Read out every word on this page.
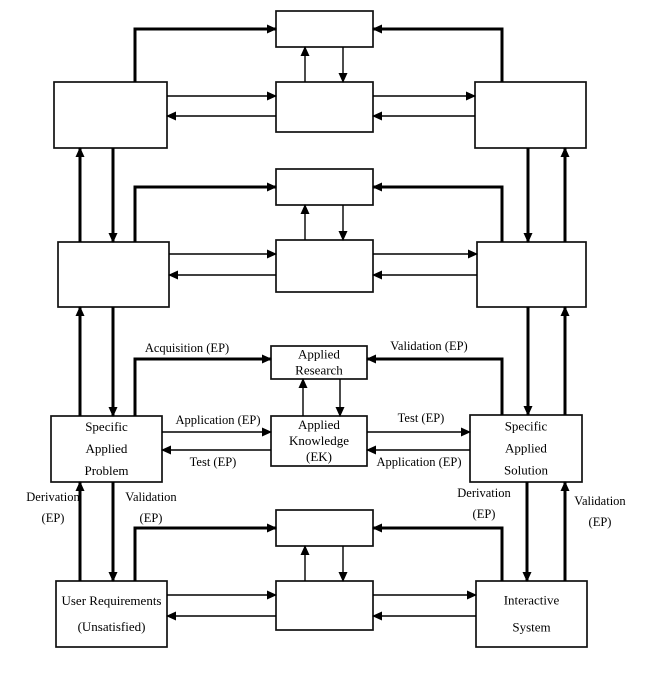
Applied Research
Specific Applied Problem
Applied Knowledge (EK)
Specific Applied Solution
User Requirements (Unsatisfied)
Interactive System
Acquisition (EP)	Validation (EP)
Application (EP)
Test (EP)
Test (EP)
Application (EP)
Derivation (EP)
Validation (EP)
Derivation (EP)
Validation (EP)
